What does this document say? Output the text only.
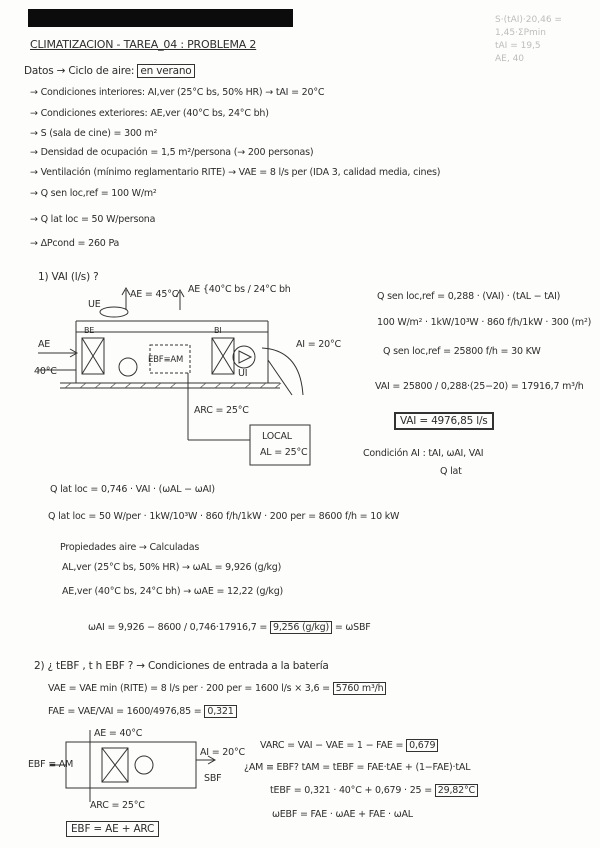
S·(tAI)·20,46 = 1,45·ΣPmin
tAI = 19,5
AE, 40
CLIMATIZACION - TAREA_04 : PROBLEMA 2
Datos → Ciclo de aire: en verano
→ Condiciones interiores: AI,ver (25°C bs, 50% HR) → tAI = 20°C
→ Condiciones exteriores: AE,ver (40°C bs, 24°C bh)
→ S (sala de cine) = 300 m²
→ Densidad de ocupación = 1,5 m²/persona (→ 200 personas)
→ Ventilación (mínimo reglamentario RITE) → VAE = 8 l/s per (IDA 3, calidad media, cines)
→ Q sen loc,ref = 100 W/m²
→ Q lat loc = 50 W/persona
→ ΔPcond = 260 Pa
1) VAI (l/s) ?
AE = 45°C AE {40°C bs / 24°C bh
UE
BE	BI
AE
40°C
EBF≡AM
UI
AI = 20°C
ARC = 25°C
LOCAL
AL = 25°C
Q sen loc,ref = 0,288 · (VAI) · (tAL − tAI)
100 W/m² · 1kW/10³W · 860 f/h/1kW · 300 (m²)
Q sen loc,ref = 25800 f/h = 30 KW
VAI = 25800 / 0,288·(25−20) = 17916,7 m³/h
VAI = 4976,85 l/s
Condición AI : tAI, ωAI, VAI
Q lat
Q lat loc = 0,746 · VAI · (ωAL − ωAI)
Q lat loc = 50 W/per · 1kW/10³W · 860 f/h/1kW · 200 per = 8600 f/h = 10 kW
Propiedades aire → Calculadas
AL,ver (25°C bs, 50% HR) → ωAL = 9,926 (g/kg)
AE,ver (40°C bs, 24°C bh) → ωAE = 12,22 (g/kg)
ωAI = 9,926 − 8600 / 0,746·17916,7 = 9,256 (g/kg) = ωSBF
2) ¿ tEBF , t h EBF ? → Condiciones de entrada a la batería
VAE = VAE min (RITE) = 8 l/s per · 200 per = 1600 l/s × 3,6 = 5760 m³/h
FAE = VAE/VAI = 1600/4976,85 = 0,321
AE = 40°C
EBF ≡ AM
AI = 20°C
SBF
ARC = 25°C
EBF = AE + ARC
VARC = VAI − VAE = 1 − FAE = 0,679
¿AM ≡ EBF? tAM = tEBF = FAE·tAE + (1−FAE)·tAL
tEBF = 0,321 · 40°C + 0,679 · 25 = 29,82°C
ωEBF = FAE · ωAE + FAE · ωAL
